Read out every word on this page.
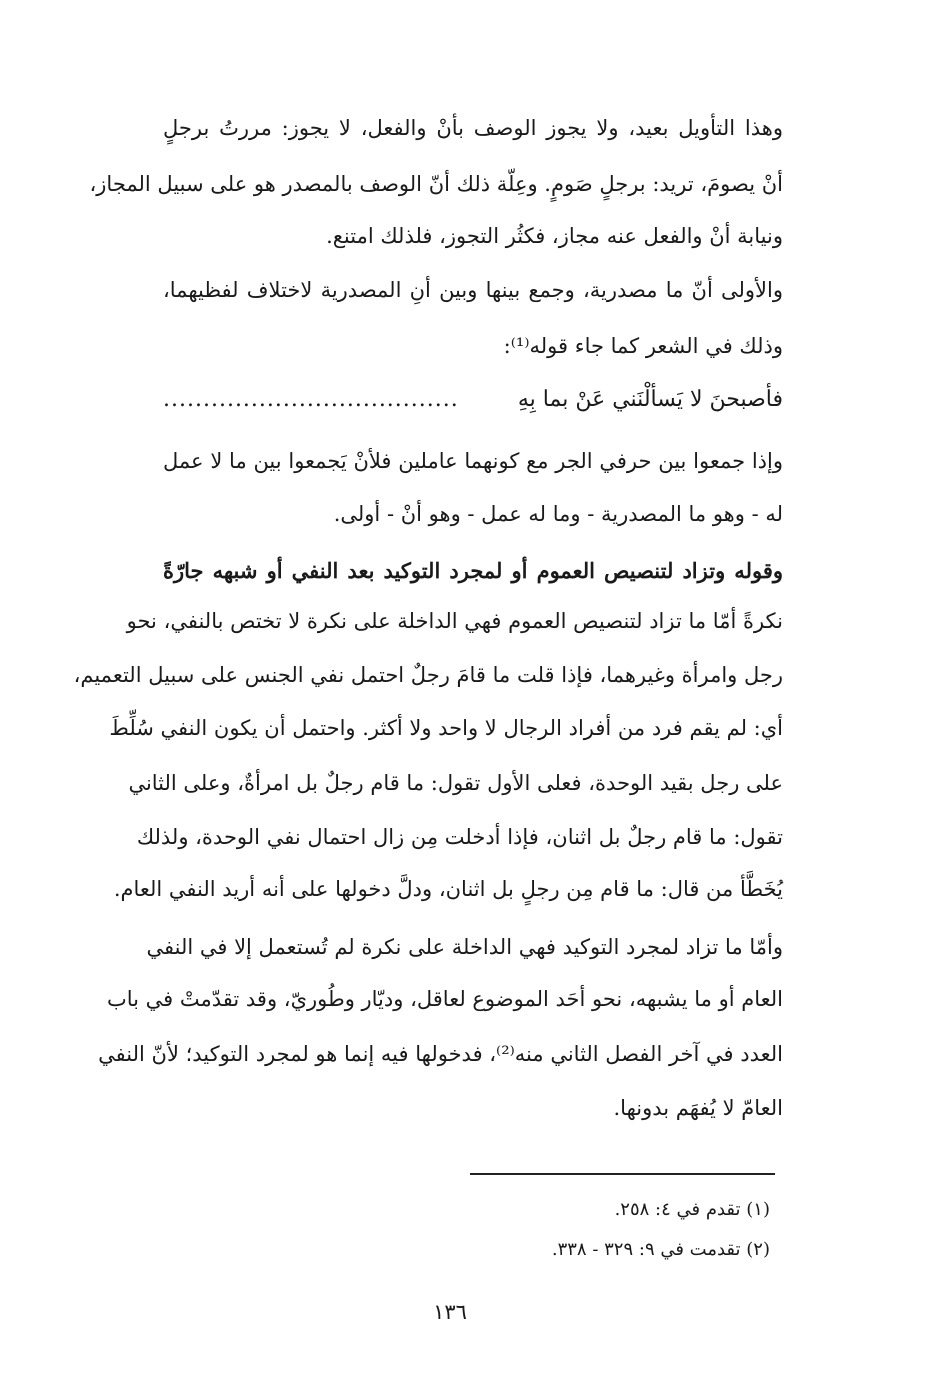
وهذا التأويل بعيد، ولا يجوز الوصف بأنْ والفعل، لا يجوز: مررتُ برجلٍ
أنْ يصومَ، تريد: برجلٍ صَومٍ. وعِلّة ذلك أنّ الوصف بالمصدر هو على سبيل المجاز،
ونيابة أنْ والفعل عنه مجاز، فكثُر التجوز، فلذلك امتنع.
والأولى أنّ ما مصدرية، وجمع بينها وبين أنِ المصدرية لاختلاف لفظيهما،
وذلك في الشعر كما جاء قوله⁽¹⁾:
فأصبحنَ لا يَسألْنَني عَنْ بما بِهِ
.....................................
وإذا جمعوا بين حرفي الجر مع كونهما عاملين فلأنْ يَجمعوا بين ما لا عمل
له - وهو ما المصدرية - وما له عمل - وهو أنْ - أولى.
وقوله وتزاد لتنصيص العموم أو لمجرد التوكيد بعد النفي أو شبهه جارّةً
نكرةً أمّا ما تزاد لتنصيص العموم فهي الداخلة على نكرة لا تختص بالنفي، نحو
رجل وامرأة وغيرهما، فإذا قلت ما قامَ رجلٌ احتمل نفي الجنس على سبيل التعميم،
أي: لم يقم فرد من أفراد الرجال لا واحد ولا أكثر. واحتمل أن يكون النفي سُلِّطَ
على رجل بقيد الوحدة، فعلى الأول تقول: ما قام رجلٌ بل امرأةٌ، وعلى الثاني
تقول: ما قام رجلٌ بل اثنان، فإذا أدخلت مِن زال احتمال نفي الوحدة، ولذلك
يُخَطَّأ من قال: ما قام مِن رجلٍ بل اثنان، ودلَّ دخولها على أنه أريد النفي العام.
وأمّا ما تزاد لمجرد التوكيد فهي الداخلة على نكرة لم تُستعمل إلا في النفي
العام أو ما يشبهه، نحو أحَد الموضوع لعاقل، وديّار وطُوريّ، وقد تقدّمتْ في باب
العدد في آخر الفصل الثاني منه⁽²⁾، فدخولها فيه إنما هو لمجرد التوكيد؛ لأنّ النفي
العامّ لا يُفهَم بدونها.
(١) تقدم في ٤: ٢٥٨.
(٢) تقدمت في ٩: ٣٢٩ - ٣٣٨.
١٣٦
